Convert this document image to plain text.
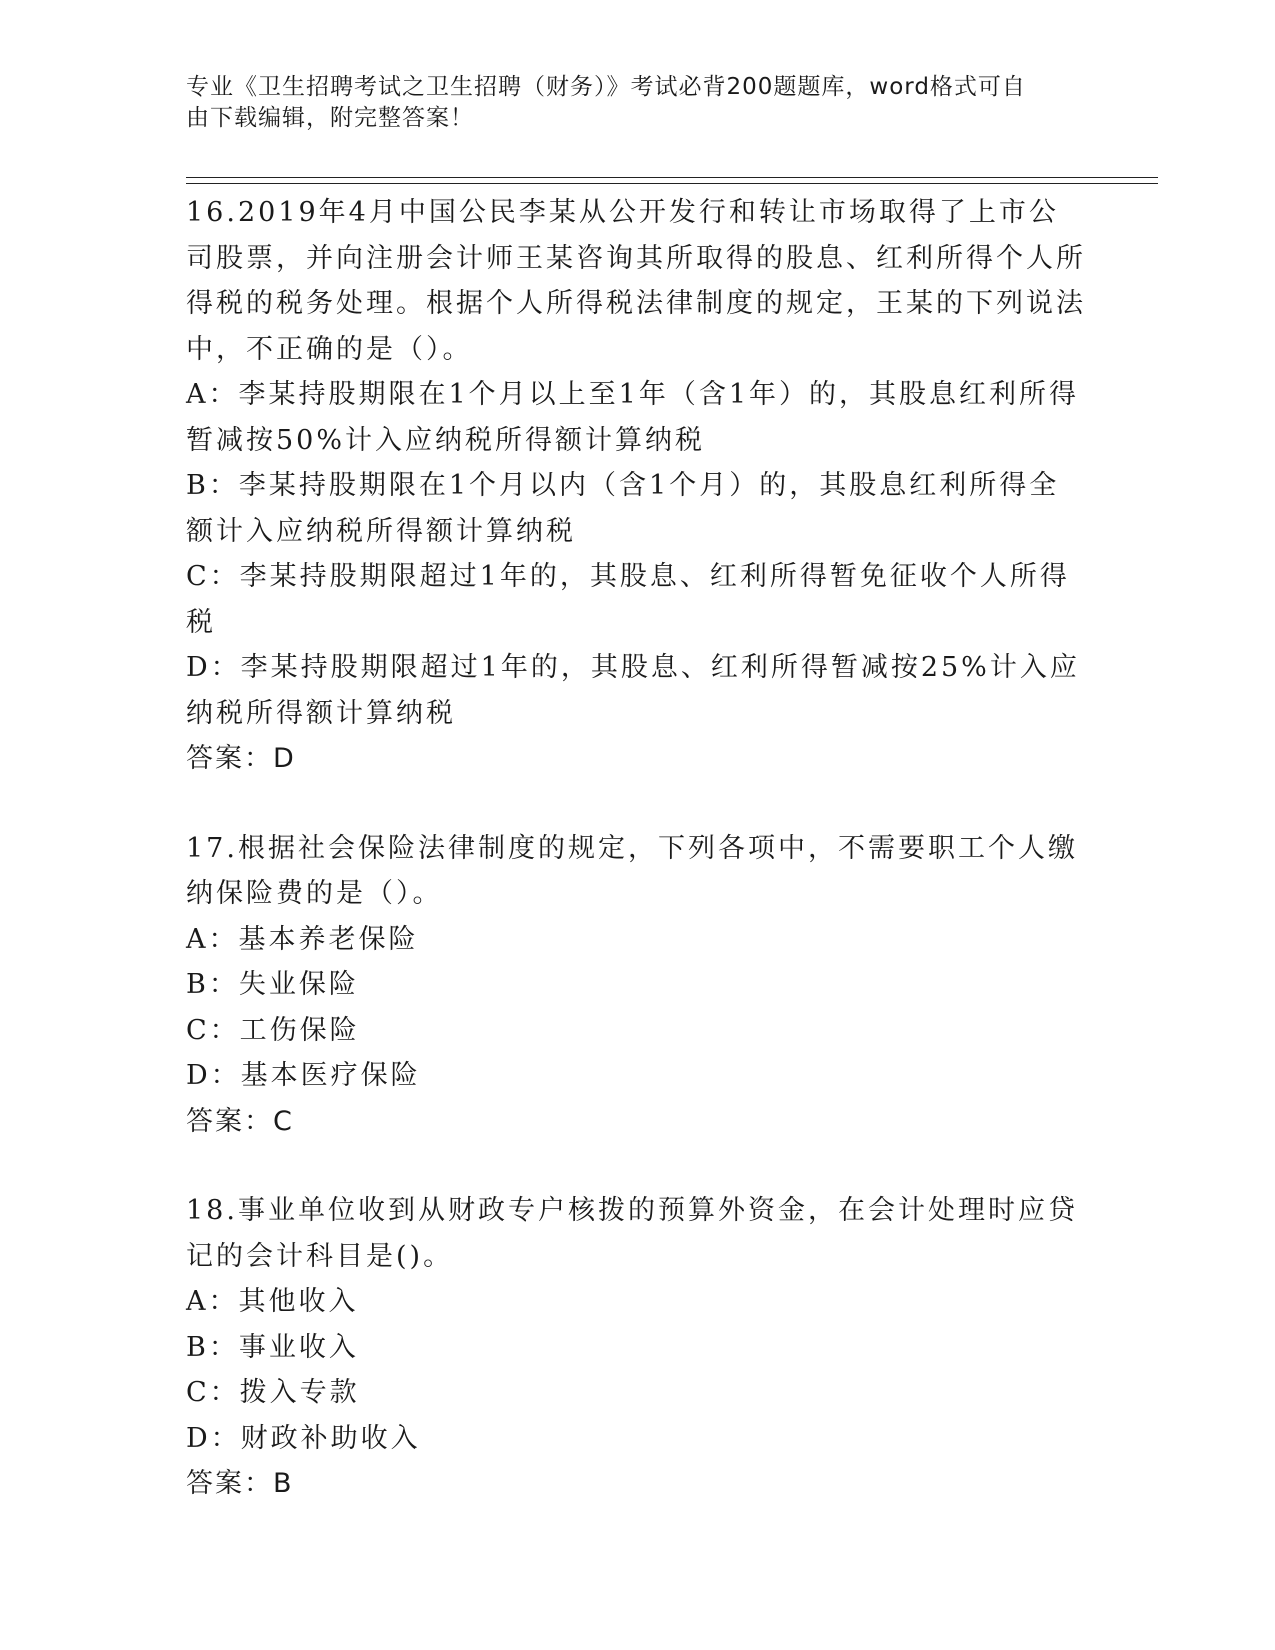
专业《卫生招聘考试之卫生招聘（财务）》考试必背200题题库，word格式可自
由下载编辑，附完整答案！
16.2019年4月中国公民李某从公开发行和转让市场取得了上市公司股票，并向注册会计师王某咨询其所取得的股息、红利所得个人所得税的税务处理。根据个人所得税法律制度的规定，王某的下列说法中，不正确的是（）。
A：李某持股期限在1个月以上至1年（含1年）的，其股息红利所得暂减按50%计入应纳税所得额计算纳税
B：李某持股期限在1个月以内（含1个月）的，其股息红利所得全额计入应纳税所得额计算纳税
C：李某持股期限超过1年的，其股息、红利所得暂免征收个人所得税
D：李某持股期限超过1年的，其股息、红利所得暂减按25%计入应纳税所得额计算纳税
答案：D
17.根据社会保险法律制度的规定，下列各项中，不需要职工个人缴纳保险费的是（）。
A：基本养老保险
B：失业保险
C：工伤保险
D：基本医疗保险
答案：C
18.事业单位收到从财政专户核拨的预算外资金，在会计处理时应贷记的会计科目是()。
A：其他收入
B：事业收入
C：拨入专款
D：财政补助收入
答案：B
